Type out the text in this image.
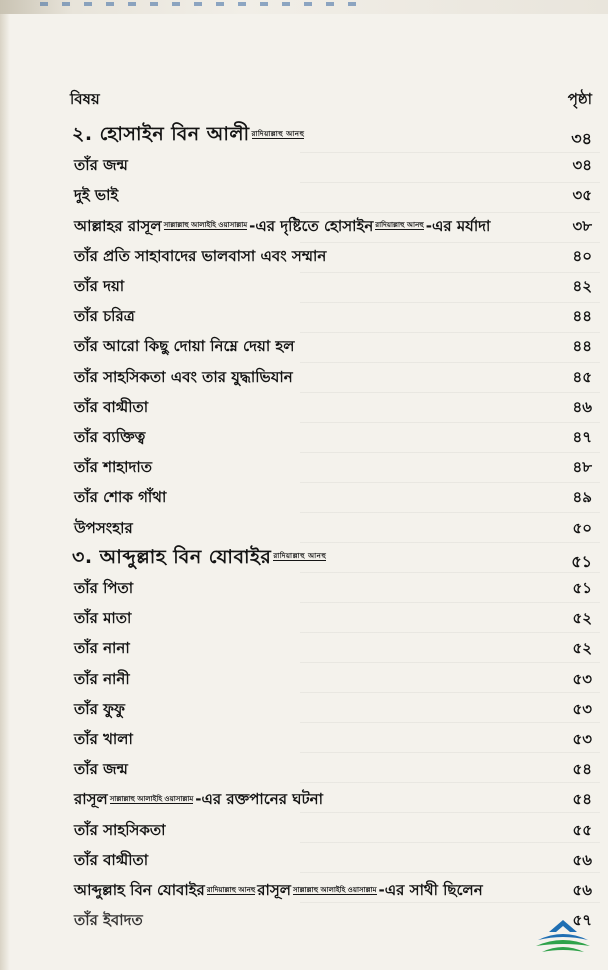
বিষয়	পৃষ্ঠা
২. হোসাইন বিন আলী রাদিয়াল্লাহু আনহু	৩৪
তাঁর জন্ম	৩৪
দুই ভাই	৩৫
আল্লাহর রাসূল সাল্লাল্লাহু আলাইহি ওয়াসাল্লাম -এর দৃষ্টিতে হোসাইন রাদিয়াল্লাহু আনহু -এর মর্যাদা	৩৮
তাঁর প্রতি সাহাবাদের ভালবাসা এবং সম্মান	৪০
তাঁর দয়া	৪২
তাঁর চরিত্র	৪৪
তাঁর আরো কিছু দোয়া নিম্নে দেয়া হল	৪৪
তাঁর সাহসিকতা এবং তার যুদ্ধাভিযান	৪৫
তাঁর বাগ্মীতা	৪৬
তাঁর ব্যক্তিত্ব	৪৭
তাঁর শাহাদাত	৪৮
তাঁর শোক গাঁথা	৪৯
উপসংহার	৫০
৩. আব্দুল্লাহ বিন যোবাইর রাদিয়াল্লাহু আনহু	৫১
তাঁর পিতা	৫১
তাঁর মাতা	৫২
তাঁর নানা	৫২
তাঁর নানী	৫৩
তাঁর ফুফু	৫৩
তাঁর খালা	৫৩
তাঁর জন্ম	৫৪
রাসূল সাল্লাল্লাহু আলাইহি ওয়াসাল্লাম -এর রক্তপানের ঘটনা	৫৪
তাঁর সাহসিকতা	৫৫
তাঁর বাগ্মীতা	৫৬
আব্দুল্লাহ বিন যোবাইর রাদিয়াল্লাহু আনহু রাসূল সাল্লাল্লাহু আলাইহি ওয়াসাল্লাম -এর সাথী ছিলেন	৫৬
তাঁর ইবাদত	৫৭
